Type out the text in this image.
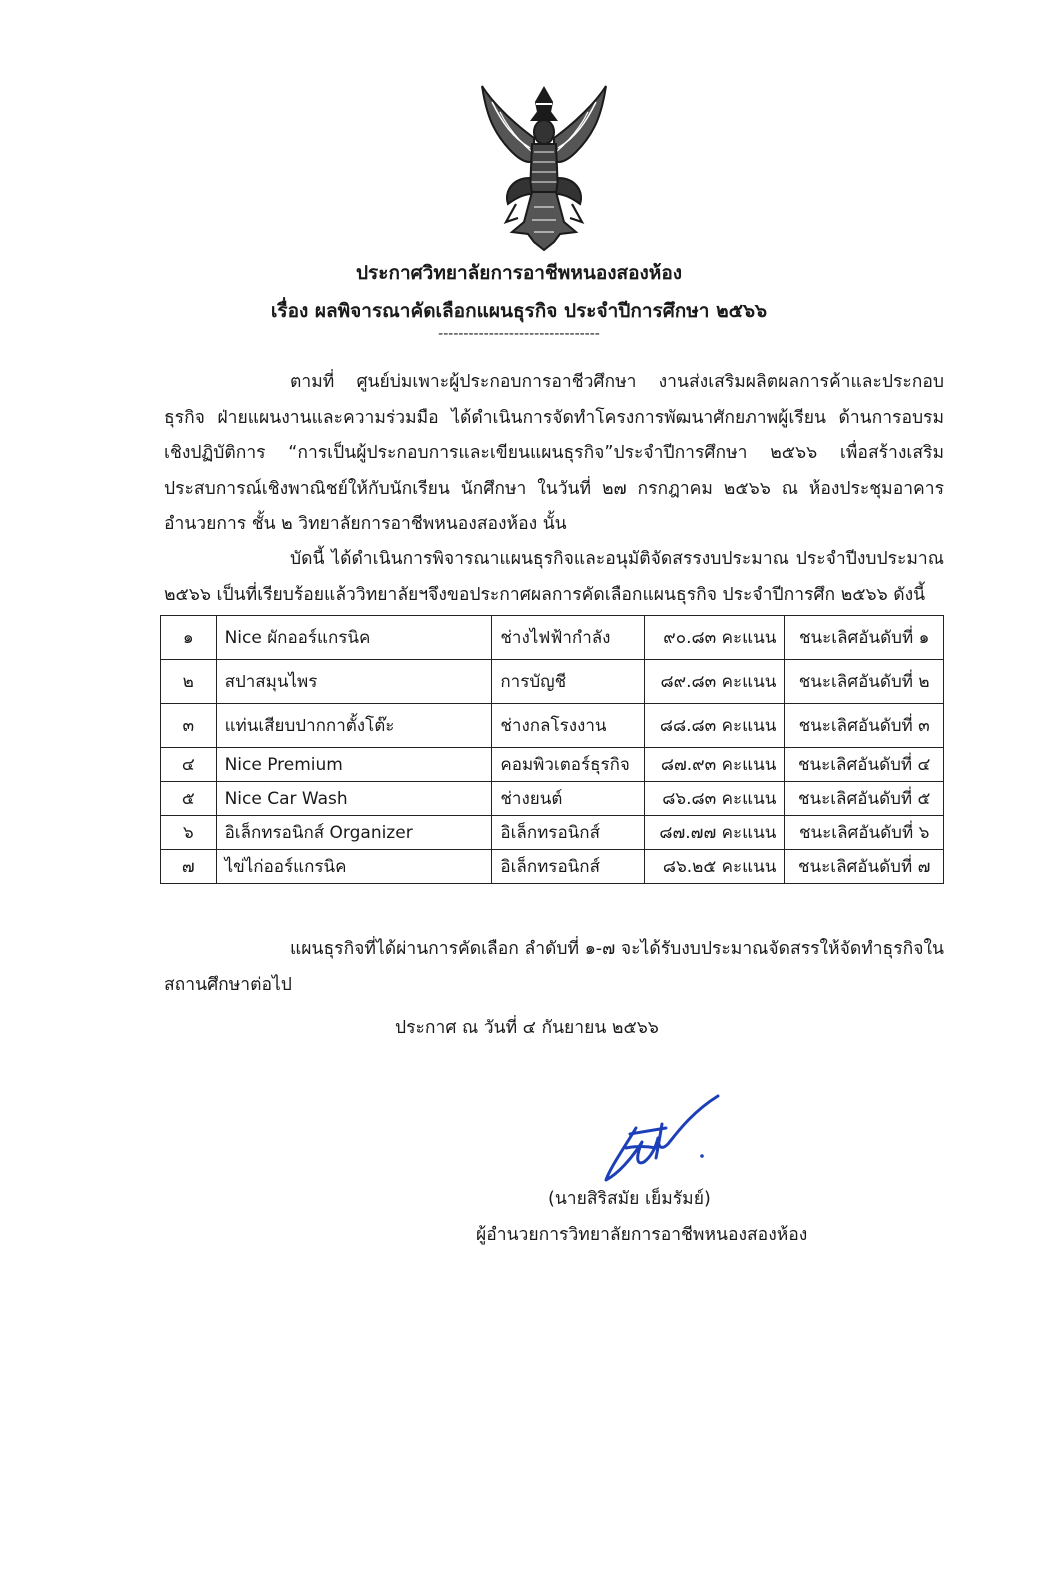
ประกาศวิทยาลัยการอาชีพหนองสองห้อง
เรื่อง ผลพิจารณาคัดเลือกแผนธุรกิจ ประจำปีการศึกษา ๒๕๖๖
--------------------------------
ตามที่ ศูนย์บ่มเพาะผู้ประกอบการอาชีวศึกษา งานส่งเสริมผลิตผลการค้าและประกอบธุรกิจ ฝ่ายแผนงานและความร่วมมือ ได้ดำเนินการจัดทำโครงการพัฒนาศักยภาพผู้เรียน ด้านการอบรมเชิงปฏิบัติการ “การเป็นผู้ประกอบการและเขียนแผนธุรกิจ”ประจำปีการศึกษา ๒๕๖๖ เพื่อสร้างเสริมประสบการณ์เชิงพาณิชย์ให้กับนักเรียน นักศึกษา ในวันที่ ๒๗ กรกฎาคม ๒๕๖๖ ณ ห้องประชุมอาคารอำนวยการ ชั้น ๒ วิทยาลัยการอาชีพหนองสองห้อง นั้น
บัดนี้ ได้ดำเนินการพิจารณาแผนธุรกิจและอนุมัติจัดสรรงบประมาณ ประจำปีงบประมาณ ๒๕๖๖ เป็นที่เรียบร้อยแล้ววิทยาลัยฯจึงขอประกาศผลการคัดเลือกแผนธุรกิจ ประจำปีการศึก ๒๕๖๖ ดังนี้
๑	Nice ผักออร์แกรนิค	ช่างไฟฟ้ากำลัง	๙๐.๘๓ คะแนน	ชนะเลิศอันดับที่ ๑
๒	สปาสมุนไพร	การบัญชี	๘๙.๘๓ คะแนน	ชนะเลิศอันดับที่ ๒
๓	แท่นเสียบปากกาตั้งโต๊ะ	ช่างกลโรงงาน	๘๘.๘๓ คะแนน	ชนะเลิศอันดับที่ ๓
๔	Nice Premium	คอมพิวเตอร์ธุรกิจ	๘๗.๙๓ คะแนน	ชนะเลิศอันดับที่ ๔
๕	Nice Car Wash	ช่างยนต์	๘๖.๘๓ คะแนน	ชนะเลิศอันดับที่ ๕
๖	อิเล็กทรอนิกส์ Organizer	อิเล็กทรอนิกส์	๘๗.๗๗ คะแนน	ชนะเลิศอันดับที่ ๖
๗	ไข่ไก่ออร์แกรนิค	อิเล็กทรอนิกส์	๘๖.๒๕ คะแนน	ชนะเลิศอันดับที่ ๗
แผนธุรกิจที่ได้ผ่านการคัดเลือก ลำดับที่ ๑-๗ จะได้รับงบประมาณจัดสรรให้จัดทำธุรกิจในสถานศึกษาต่อไป
ประกาศ ณ วันที่ ๔ กันยายน ๒๕๖๖
(นายสิริสมัย เย็มรัมย์)
ผู้อำนวยการวิทยาลัยการอาชีพหนองสองห้อง
